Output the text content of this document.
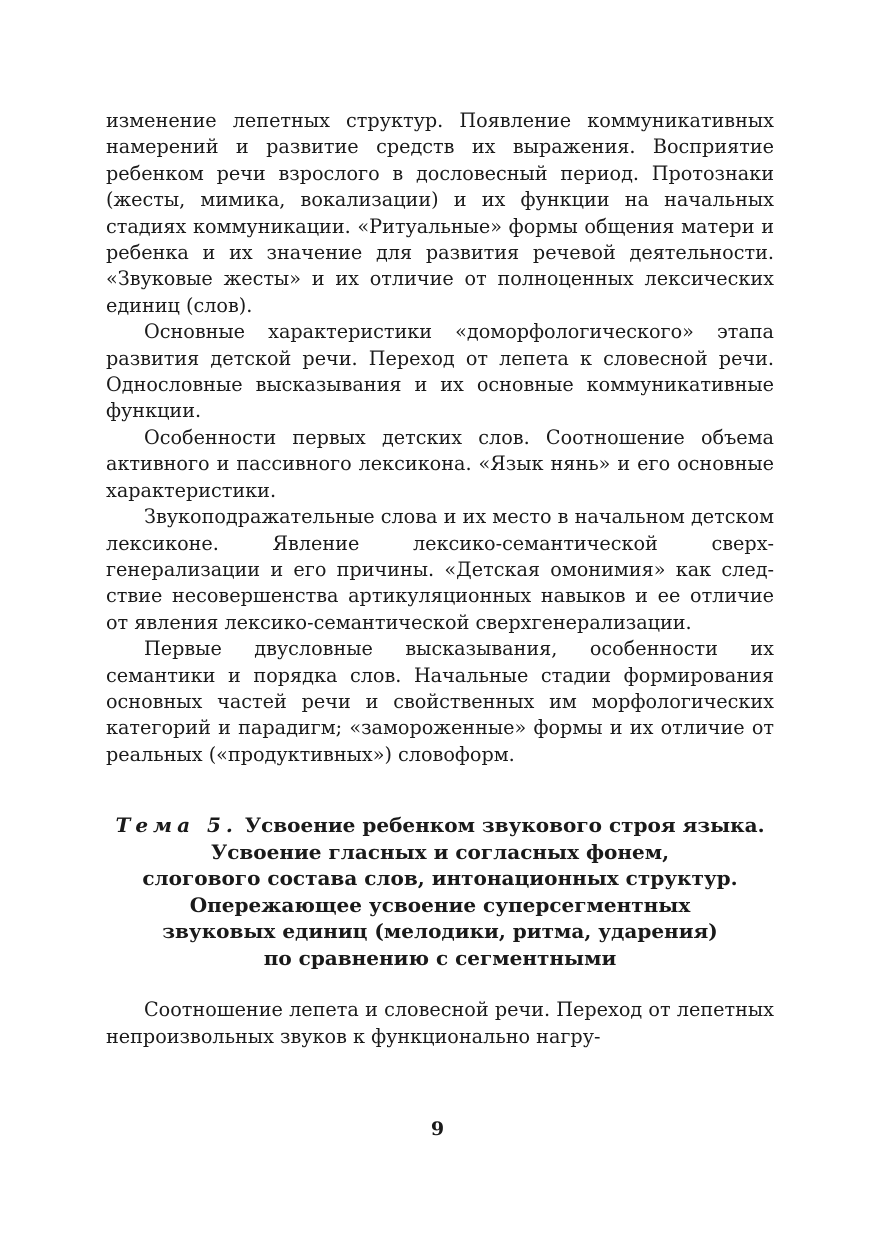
изменение лепетных структур. Появление коммуникативных намерений и развитие средств их выражения. Восприятие ребенком речи взрослого в дословесный период. Протознаки (жесты, мимика, вокализации) и их функции на начальных стадиях коммуникации. «Ритуальные» формы общения матери и ребенка и их значение для развития речевой деятельности. «Звуковые жесты» и их отличие от полноценных лексических единиц (слов).

Основные характеристики «доморфологического» этапа развития детской речи. Переход от лепета к словесной речи. Однословные высказывания и их основные коммуникативные функции.

Особенности первых детских слов. Соотношение объема активного и пассивного лексикона. «Язык нянь» и его основные характеристики.

Звукоподражательные слова и их место в начальном детском лексиконе. Явление лексико-семантической сверхгенерализации и его причины. «Детская омонимия» как следствие несовершенства артикуляционных навыков и ее отличие от явления лексико-семантической сверхгенерализации.

Первые двусловные высказывания, особенности их семантики и порядка слов. Начальные стадии формирования основных частей речи и свойственных им морфологических категорий и парадигм; «замороженные» формы и их отличие от реальных («продуктивных») словоформ.

Тема 5. Усвоение ребенком звукового строя языка.
Усвоение гласных и согласных фонем,
слогового состава слов, интонационных структур.
Опережающее усвоение суперсегментных
звуковых единиц (мелодики, ритма, ударения)
по сравнению с сегментными

Соотношение лепета и словесной речи. Переход от лепетных непроизвольных звуков к функционально нагру-

9
